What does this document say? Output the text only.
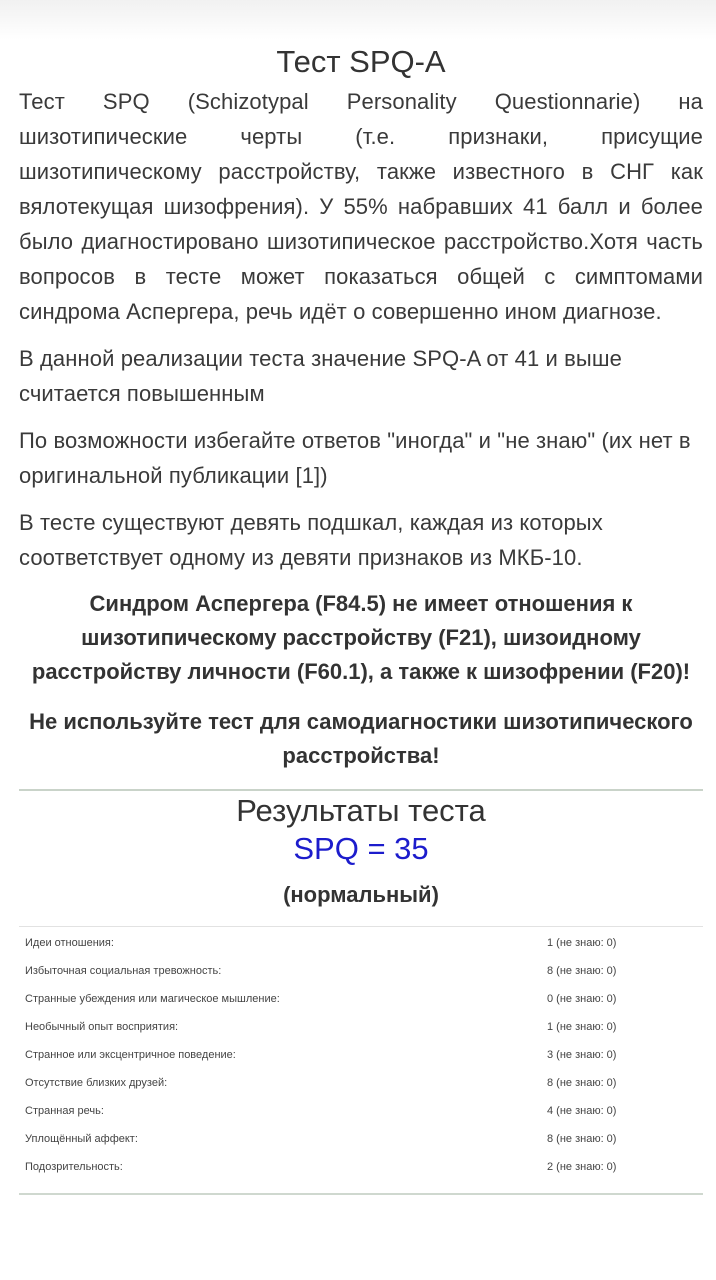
Тест SPQ-A

Тест SPQ (Schizotypal Personality Questionnarie) на шизотипические черты (т.е. признаки, присущие шизотипическому расстройству, также известного в СНГ как вялотекущая шизофрения). У 55% набравших 41 балл и более было диагностировано шизотипическое расстройство.Хотя часть вопросов в тесте может показаться общей с симптомами синдрома Аспергера, речь идёт о совершенно ином диагнозе.

В данной реализации теста значение SPQ-A от 41 и выше считается повышенным

По возможности избегайте ответов "иногда" и "не знаю" (их нет в оригинальной публикации [1])

В тесте существуют девять подшкал, каждая из которых соответствует одному из девяти признаков из МКБ-10.

Синдром Аспергера (F84.5) не имеет отношения к шизотипическому расстройству (F21), шизоидному расстройству личности (F60.1), а также к шизофрении (F20)!

Не используйте тест для самодиагностики шизотипического расстройства!

Результаты теста
SPQ = 35
(нормальный)
Идеи отношения:	1 (не знаю: 0)
Избыточная социальная тревожность:	8 (не знаю: 0)
Странные убеждения или магическое мышление:	0 (не знаю: 0)
Необычный опыт восприятия:	1 (не знаю: 0)
Странное или эксцентричное поведение:	3 (не знаю: 0)
Отсутствие близких друзей:	8 (не знаю: 0)
Странная речь:	4 (не знаю: 0)
Уплощённый аффект:	8 (не знаю: 0)
Подозрительность:	2 (не знаю: 0)
